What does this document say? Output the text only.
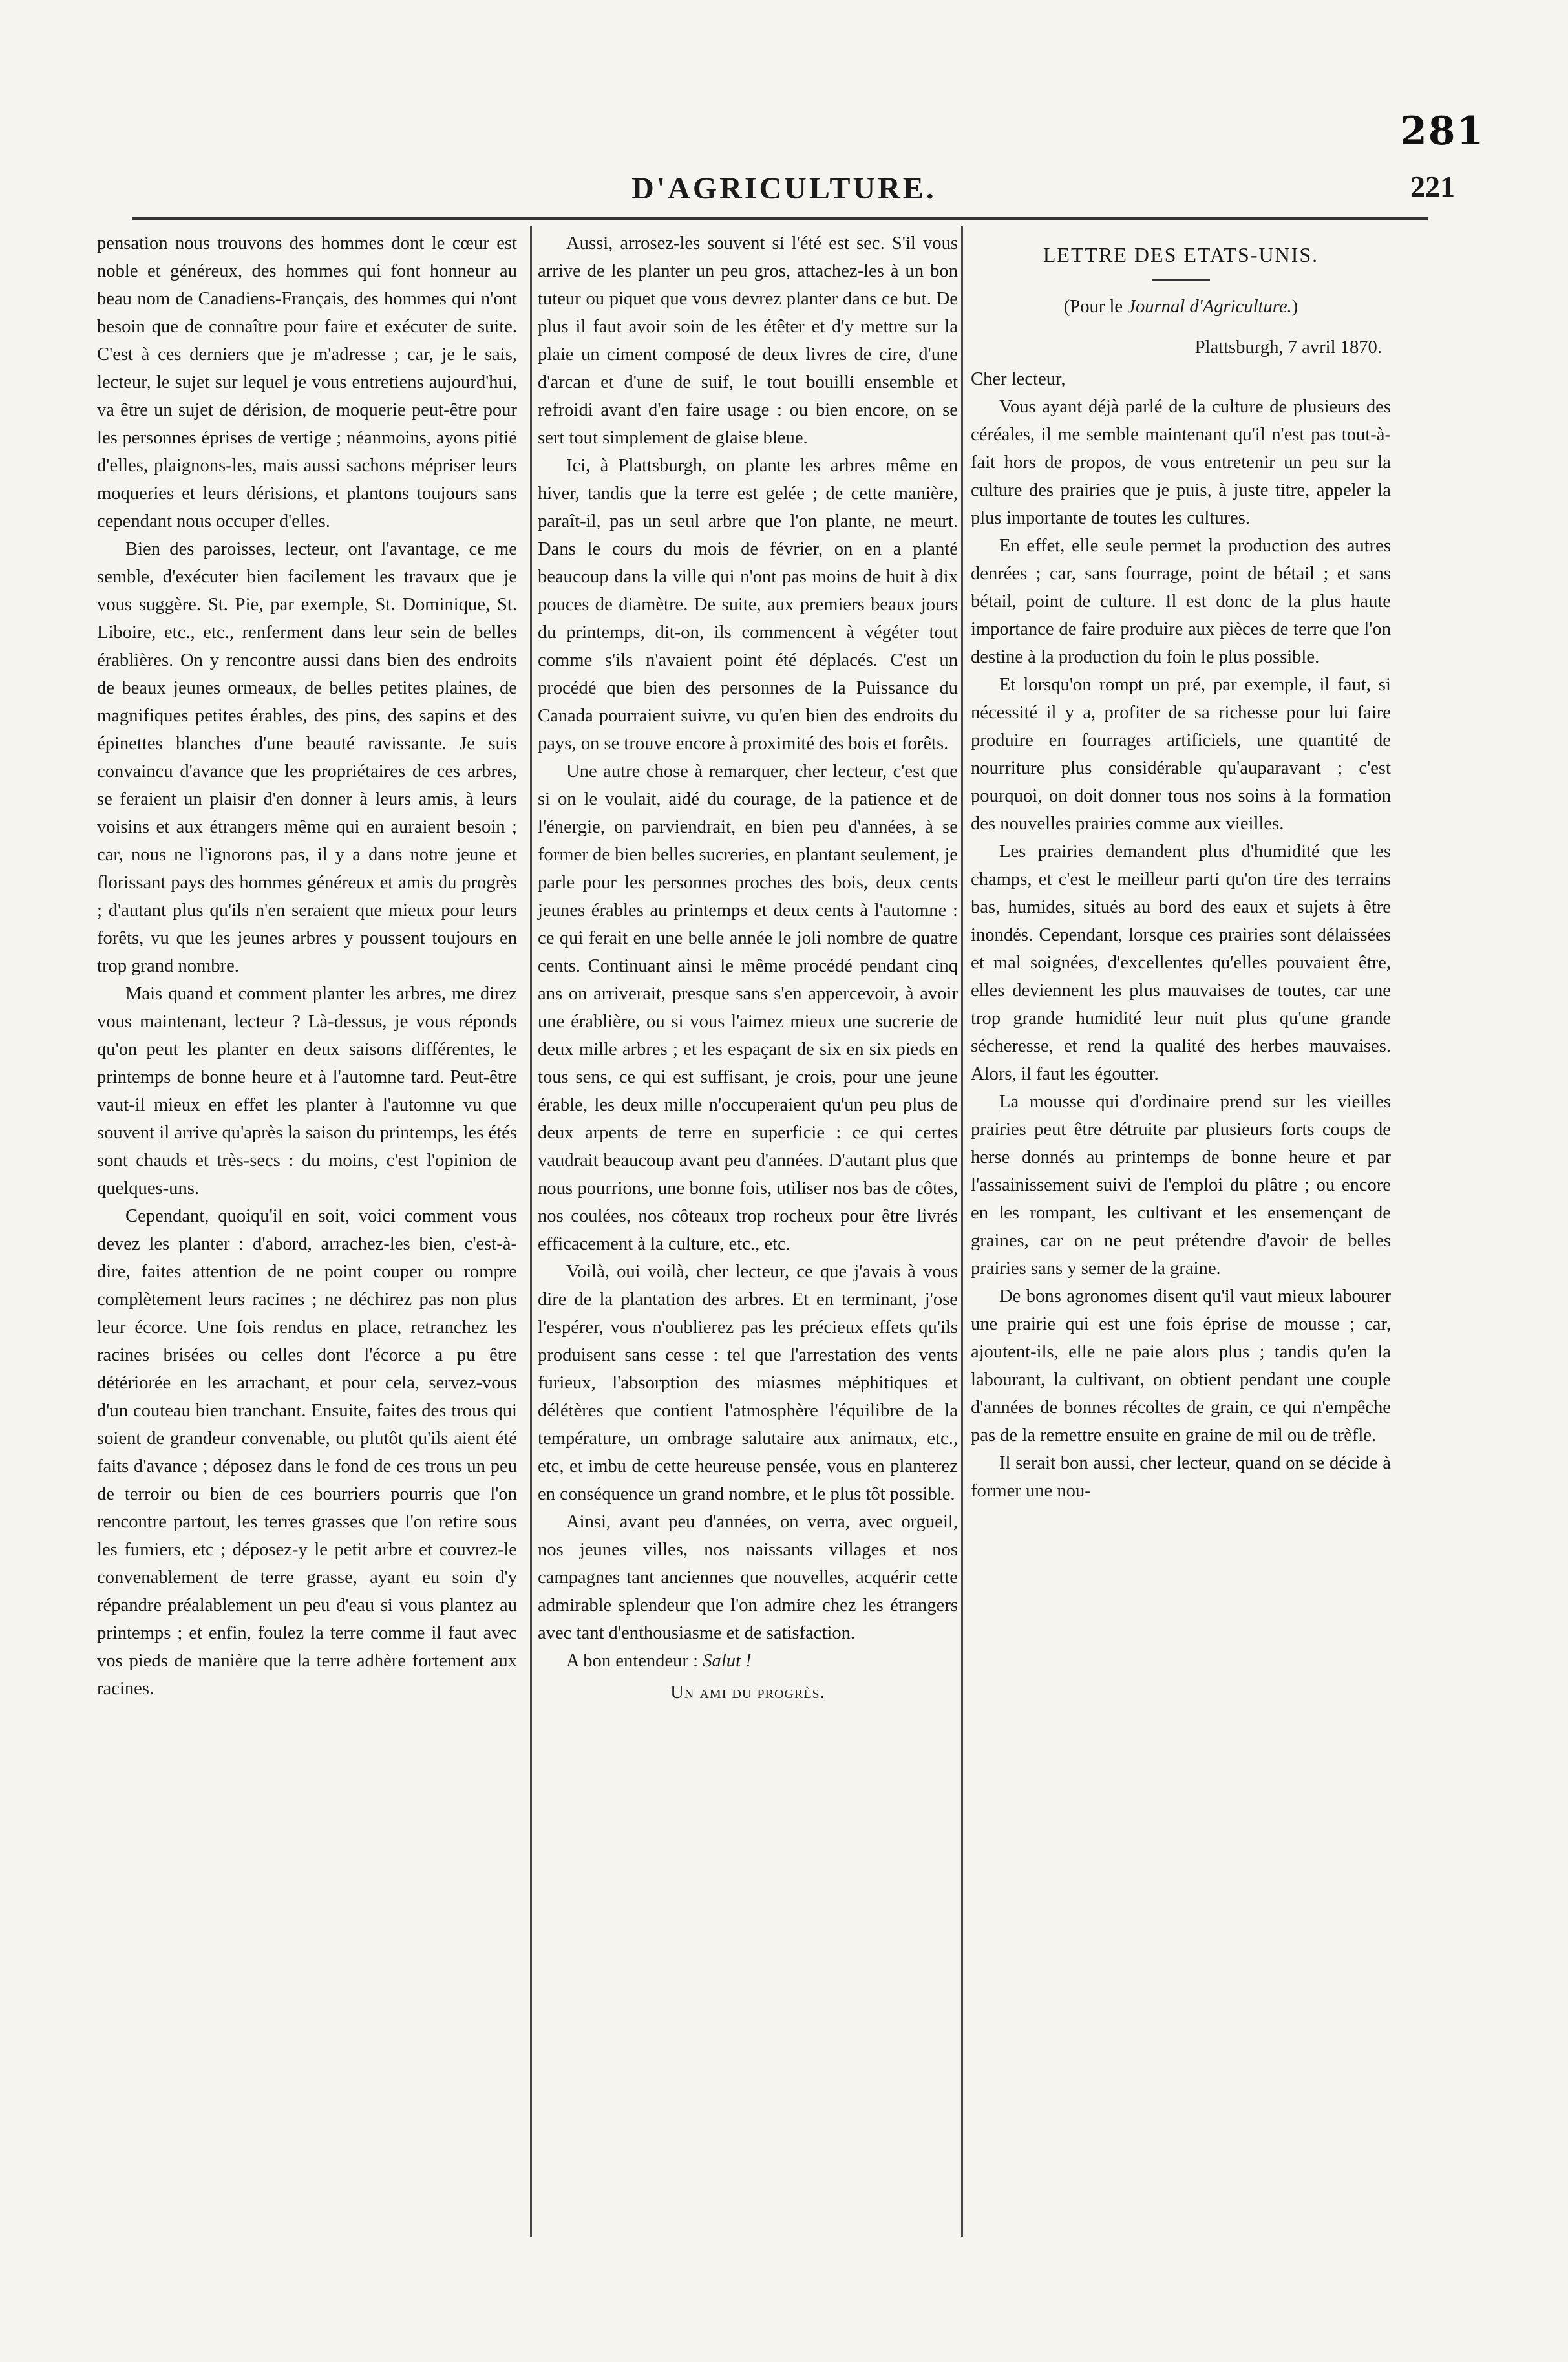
281
D'AGRICULTURE.	221

pensation nous trouvons des hommes dont le cœur est noble et généreux, des hommes qui font honneur au beau nom de Canadiens-Français, des hommes qui n'ont besoin que de connaître pour faire et exécuter de suite. C'est à ces derniers que je m'adresse ; car, je le sais, lecteur, le sujet sur lequel je vous entretiens aujourd'hui, va être un sujet de dérision, de moquerie peut-être pour les personnes éprises de vertige ; néanmoins, ayons pitié d'elles, plaignons-les, mais aussi sachons mépriser leurs moqueries et leurs dérisions, et plantons toujours sans cependant nous occuper d'elles.

Bien des paroisses, lecteur, ont l'avantage, ce me semble, d'exécuter bien facilement les travaux que je vous suggère. St. Pie, par exemple, St. Dominique, St. Liboire, etc., etc., renferment dans leur sein de belles érablières. On y rencontre aussi dans bien des endroits de beaux jeunes ormeaux, de belles petites plaines, de magnifiques petites érables, des pins, des sapins et des épinettes blanches d'une beauté ravissante. Je suis convaincu d'avance que les propriétaires de ces arbres, se feraient un plaisir d'en donner à leurs amis, à leurs voisins et aux étrangers même qui en auraient besoin ; car, nous ne l'ignorons pas, il y a dans notre jeune et florissant pays des hommes généreux et amis du progrès ; d'autant plus qu'ils n'en seraient que mieux pour leurs forêts, vu que les jeunes arbres y poussent toujours en trop grand nombre.

Mais quand et comment planter les arbres, me direz vous maintenant, lecteur ? Là-dessus, je vous réponds qu'on peut les planter en deux saisons différentes, le printemps de bonne heure et à l'automne tard. Peut-être vaut-il mieux en effet les planter à l'automne vu que souvent il arrive qu'après la saison du printemps, les étés sont chauds et très-secs : du moins, c'est l'opinion de quelques-uns.

Cependant, quoiqu'il en soit, voici comment vous devez les planter : d'abord, arrachez-les bien, c'est-à-dire, faites attention de ne point couper ou rompre complètement leurs racines ; ne déchirez pas non plus leur écorce. Une fois rendus en place, retranchez les racines brisées ou celles dont l'écorce a pu être détériorée en les arrachant, et pour cela, servez-vous d'un couteau bien tranchant. Ensuite, faites des trous qui soient de grandeur convenable, ou plutôt qu'ils aient été faits d'avance ; déposez dans le fond de ces trous un peu de terroir ou bien de ces bourriers pourris que l'on rencontre partout, les terres grasses que l'on retire sous les fumiers, etc ; déposez-y le petit arbre et couvrez-le convenablement de terre grasse, ayant eu soin d'y répandre préalablement un peu d'eau si vous plantez au printemps ; et enfin, foulez la terre comme il faut avec vos pieds de manière que la terre adhère fortement aux racines.

Aussi, arrosez-les souvent si l'été est sec. S'il vous arrive de les planter un peu gros, attachez-les à un bon tuteur ou piquet que vous devrez planter dans ce but. De plus il faut avoir soin de les étêter et d'y mettre sur la plaie un ciment composé de deux livres de cire, d'une d'arcan et d'une de suif, le tout bouilli ensemble et refroidi avant d'en faire usage : ou bien encore, on se sert tout simplement de glaise bleue.

Ici, à Plattsburgh, on plante les arbres même en hiver, tandis que la terre est gelée ; de cette manière, paraît-il, pas un seul arbre que l'on plante, ne meurt. Dans le cours du mois de février, on en a planté beaucoup dans la ville qui n'ont pas moins de huit à dix pouces de diamètre. De suite, aux premiers beaux jours du printemps, dit-on, ils commencent à végéter tout comme s'ils n'avaient point été déplacés. C'est un procédé que bien des personnes de la Puissance du Canada pourraient suivre, vu qu'en bien des endroits du pays, on se trouve encore à proximité des bois et forêts.

Une autre chose à remarquer, cher lecteur, c'est que si on le voulait, aidé du courage, de la patience et de l'énergie, on parviendrait, en bien peu d'années, à se former de bien belles sucreries, en plantant seulement, je parle pour les personnes proches des bois, deux cents jeunes érables au printemps et deux cents à l'automne : ce qui ferait en une belle année le joli nombre de quatre cents. Continuant ainsi le même procédé pendant cinq ans on arriverait, presque sans s'en appercevoir, à avoir une érablière, ou si vous l'aimez mieux une sucrerie de deux mille arbres ; et les espaçant de six en six pieds en tous sens, ce qui est suffisant, je crois, pour une jeune érable, les deux mille n'occuperaient qu'un peu plus de deux arpents de terre en superficie : ce qui certes vaudrait beaucoup avant peu d'années. D'autant plus que nous pourrions, une bonne fois, utiliser nos bas de côtes, nos coulées, nos côteaux trop rocheux pour être livrés efficacement à la culture, etc., etc.

Voilà, oui voilà, cher lecteur, ce que j'avais à vous dire de la plantation des arbres. Et en terminant, j'ose l'espérer, vous n'oublierez pas les précieux effets qu'ils produisent sans cesse : tel que l'arrestation des vents furieux, l'absorption des miasmes méphitiques et délétères que contient l'atmosphère l'équilibre de la température, un ombrage salutaire aux animaux, etc., etc, et imbu de cette heureuse pensée, vous en planterez en conséquence un grand nombre, et le plus tôt possible.

Ainsi, avant peu d'années, on verra, avec orgueil, nos jeunes villes, nos naissants villages et nos campagnes tant anciennes que nouvelles, acquérir cette admirable splendeur que l'on admire chez les étrangers avec tant d'enthousiasme et de satisfaction.

A bon entendeur : Salut !

Un ami du progrès.
LETTRE DES ETATS-UNIS.
(Pour le Journal d'Agriculture.)
Plattsburgh, 7 avril 1870.

Cher lecteur,

Vous ayant déjà parlé de la culture de plusieurs des céréales, il me semble maintenant qu'il n'est pas tout-à-fait hors de propos, de vous entretenir un peu sur la culture des prairies que je puis, à juste titre, appeler la plus importante de toutes les cultures.

En effet, elle seule permet la production des autres denrées ; car, sans fourrage, point de bétail ; et sans bétail, point de culture. Il est donc de la plus haute importance de faire produire aux pièces de terre que l'on destine à la production du foin le plus possible.

Et lorsqu'on rompt un pré, par exemple, il faut, si nécessité il y a, profiter de sa richesse pour lui faire produire en fourrages artificiels, une quantité de nourriture plus considérable qu'auparavant ; c'est pourquoi, on doit donner tous nos soins à la formation des nouvelles prairies comme aux vieilles.

Les prairies demandent plus d'humidité que les champs, et c'est le meilleur parti qu'on tire des terrains bas, humides, situés au bord des eaux et sujets à être inondés. Cependant, lorsque ces prairies sont délaissées et mal soignées, d'excellentes qu'elles pouvaient être, elles deviennent les plus mauvaises de toutes, car une trop grande humidité leur nuit plus qu'une grande sécheresse, et rend la qualité des herbes mauvaises. Alors, il faut les égoutter.

La mousse qui d'ordinaire prend sur les vieilles prairies peut être détruite par plusieurs forts coups de herse donnés au printemps de bonne heure et par l'assainissement suivi de l'emploi du plâtre ; ou encore en les rompant, les cultivant et les ensemençant de graines, car on ne peut prétendre d'avoir de belles prairies sans y semer de la graine.

De bons agronomes disent qu'il vaut mieux labourer une prairie qui est une fois éprise de mousse ; car, ajoutent-ils, elle ne paie alors plus ; tandis qu'en la labourant, la cultivant, on obtient pendant une couple d'années de bonnes récoltes de grain, ce qui n'empêche pas de la remettre ensuite en graine de mil ou de trèfle.

Il serait bon aussi, cher lecteur, quand on se décide à former une nou-
